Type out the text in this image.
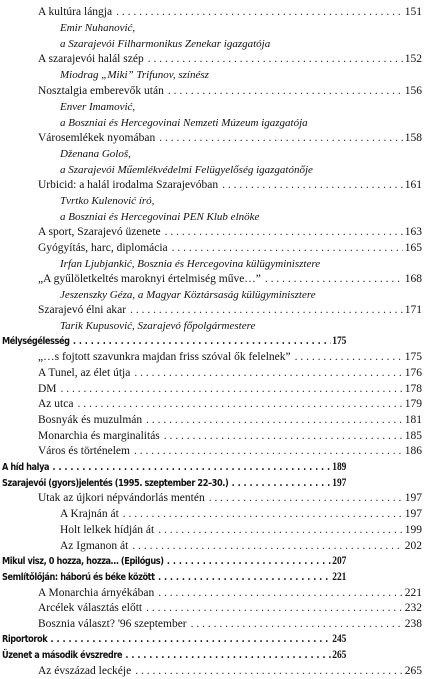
A kultúra lángja . . .	151
Emir Nuhanović,
a Szarajevói Filharmonikus Zenekar igazgatója
A szarajevói halál szép . . .	152
Miodrag „Miki” Trifunov, színész
Nosztalgia emberevők után . . .	156
Enver Imamović,
a Boszniai és Hercegovinai Nemzeti Múzeum igazgatója
Városemlékek nyomában . . .	158
Dženana Gološ,
a Szarajevói Műemlékvédelmi Felügyelőség igazgatónője
Urbicid: a halál irodalma Szarajevóban . . .	161
Tvrtko Kulenović író,
a Boszniai és Hercegovinai PEN Klub elnöke
A sport, Szarajevó üzenete . . .	163
Gyógyítás, harc, diplomácia . . .	165
Irfan Ljubjankić, Bosznia és Hercegovina külügyminisztere
„A gyűlöletkeltés maroknyi értelmiség műve…” . . .	168
Jeszenszky Géza, a Magyar Köztársaság külügyminisztere
Szarajevó élni akar . . .	171
Tarik Kupusović, Szarajevó főpolgármestere
Mélységélesség . . .	175
„…s fojtott szavunkra majdan friss szóval ők felelnek” . . .	175
A Tunel, az élet útja . . .	176
DM . . .	178
Az utca . . .	179
Bosnyák és muzulmán . . .	181
Monarchia és marginalitás . . .	185
Város és történelem . . .	186
A híd halya . . .	189
Szarajevói (gyors)jelentés (1995. szeptember 22–30.) . . .	197
Utak az újkori népvándorlás mentén . . .	197
A Krajnán át . . .	197
Holt lelkek hídján át . . .	199
Az Igmanon át . . .	202
Mikul visz, 0 hozza, hozza… (Epilógus) . . .	207
Semlítőlőján: háború és béke között . . .	221
A Monarchia árnyékában . . .	221
Arcélek választás előtt . . .	232
Bosznia választ? '96 szeptember . . .	238
Riportorok . . .	245
Üzenet a második évszredre . . .	265
Az évszázad leckéje . . .	265
